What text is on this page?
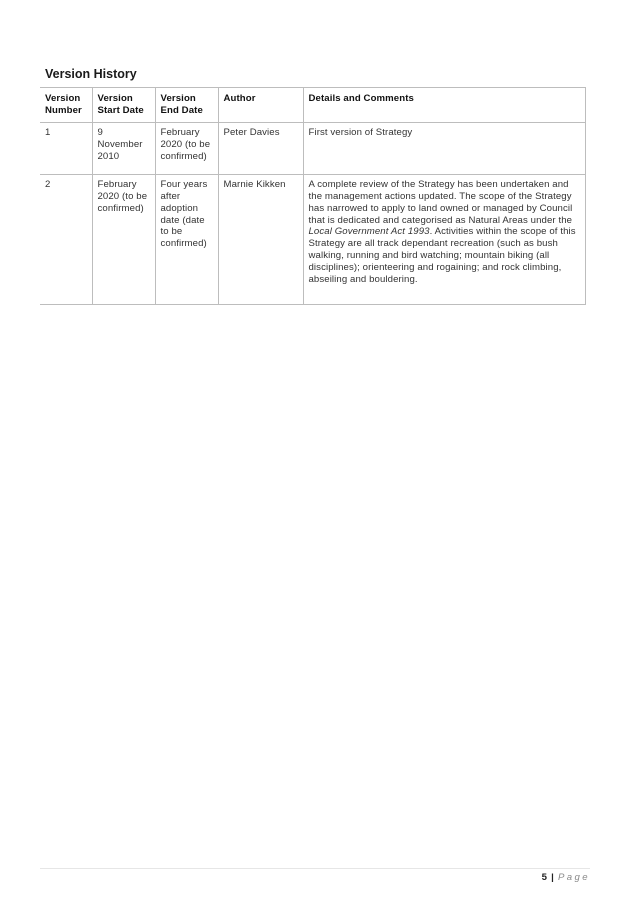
Version History
Version Number	Version Start Date	Version End Date	Author	Details and Comments
1	9 November 2010	February 2020 (to be confirmed)	Peter Davies	First version of Strategy
2	February 2020 (to be confirmed)	Four years after adoption date (date to be confirmed)	Marnie Kikken	A complete review of the Strategy has been undertaken and the management actions updated. The scope of the Strategy has narrowed to apply to land owned or managed by Council that is dedicated and categorised as Natural Areas under the Local Government Act 1993. Activities within the scope of this Strategy are all track dependant recreation (such as bush walking, running and bird watching; mountain biking (all disciplines); orienteering and rogaining; and rock climbing, abseiling and bouldering.
5 | Page
